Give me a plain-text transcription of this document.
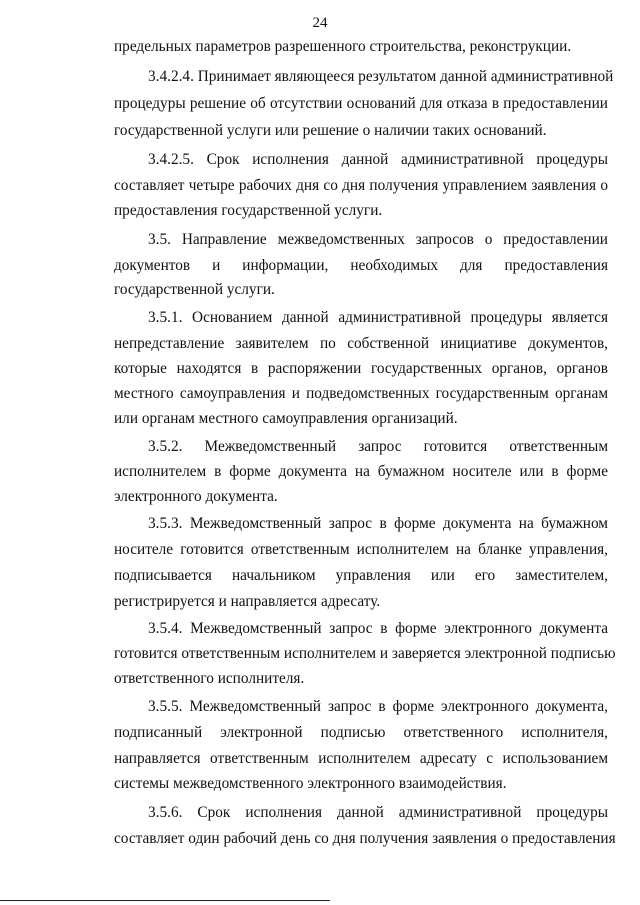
24
предельных параметров разрешенного строительства, реконструкции.
3.4.2.4. Принимает являющееся результатом данной административной
процедуры решение об отсутствии оснований для отказа в предоставлении
государственной услуги или решение о наличии таких оснований.
3.4.2.5. Срок исполнения данной административной процедуры
составляет четыре рабочих дня со дня получения управлением заявления о
предоставления государственной услуги.
3.5. Направление межведомственных запросов о предоставлении
документов и информации, необходимых для предоставления
государственной услуги.
3.5.1. Основанием данной административной процедуры является
непредставление заявителем по собственной инициативе документов,
которые находятся в распоряжении государственных органов, органов
местного самоуправления и подведомственных государственным органам
или органам местного самоуправления организаций.
3.5.2. Межведомственный запрос готовится ответственным
исполнителем в форме документа на бумажном носителе или в форме
электронного документа.
3.5.3. Межведомственный запрос в форме документа на бумажном
носителе готовится ответственным исполнителем на бланке управления,
подписывается начальником управления или его заместителем,
регистрируется и направляется адресату.
3.5.4. Межведомственный запрос в форме электронного документа
готовится ответственным исполнителем и заверяется электронной подписью
ответственного исполнителя.
3.5.5. Межведомственный запрос в форме электронного документа,
подписанный электронной подписью ответственного исполнителя,
направляется ответственным исполнителем адресату с использованием
системы межведомственного электронного взаимодействия.
3.5.6. Срок исполнения данной административной процедуры
составляет один рабочий день со дня получения заявления о предоставления
